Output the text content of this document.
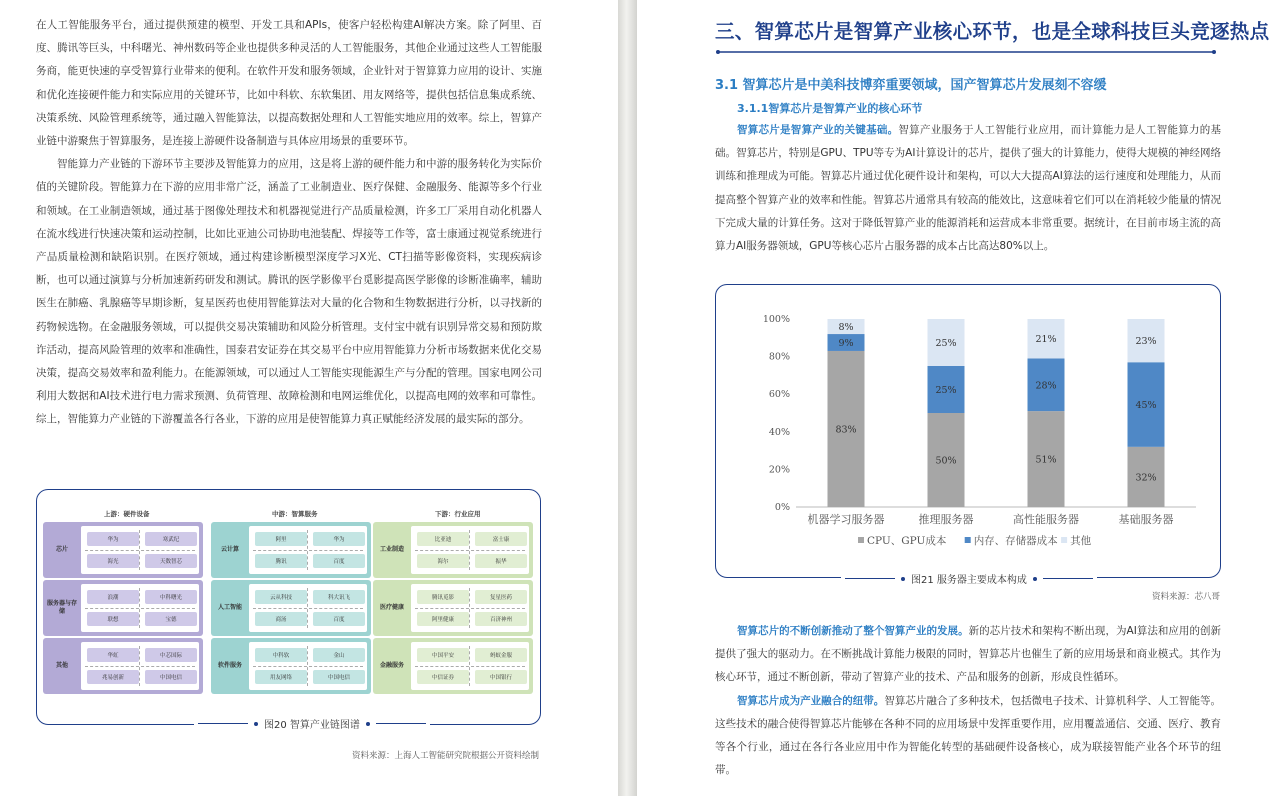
在人工智能服务平台，通过提供预建的模型、开发工具和APIs，使客户轻松构建AI解决方案。除了阿里、百度、腾讯等巨头，中科曙光、神州数码等企业也提供多种灵活的人工智能服务，其他企业通过这些人工智能服务商，能更快速的享受智算行业带来的便利。在软件开发和服务领域，企业针对于智算算力应用的设计、实施和优化连接硬件能力和实际应用的关键环节，比如中科软、东软集团、用友网络等，提供包括信息集成系统、决策系统、风险管理系统等，通过融入智能算法，以提高数据处理和人工智能实地应用的效率。综上，智算产业链中游聚焦于智算服务，是连接上游硬件设备制造与具体应用场景的重要环节。

智能算力产业链的下游环节主要涉及智能算力的应用，这是将上游的硬件能力和中游的服务转化为实际价值的关键阶段。智能算力在下游的应用非常广泛，涵盖了工业制造业、医疗保健、金融服务、能源等多个行业和领域。在工业制造领域，通过基于图像处理技术和机器视觉进行产品质量检测，许多工厂采用自动化机器人在流水线进行快速决策和运动控制，比如比亚迪公司协助电池装配、焊接等工作等，富士康通过视觉系统进行产品质量检测和缺陷识别。在医疗领域，通过构建诊断模型深度学习X光、CT扫描等影像资料，实现疾病诊断，也可以通过演算与分析加速新药研发和测试。腾讯的医学影像平台觅影提高医学影像的诊断准确率，辅助医生在肺癌、乳腺癌等早期诊断，复星医药也使用智能算法对大量的化合物和生物数据进行分析，以寻找新的药物候选物。在金融服务领域，可以提供交易决策辅助和风险分析管理。支付宝中就有识别异常交易和预防欺诈活动，提高风险管理的效率和准确性，国泰君安证券在其交易平台中应用智能算力分析市场数据来优化交易决策，提高交易效率和盈利能力。在能源领域，可以通过人工智能实现能源生产与分配的管理。国家电网公司利用大数据和AI技术进行电力需求预测、负荷管理、故障检测和电网运维优化，以提高电网的效率和可靠性。综上，智能算力产业链的下游覆盖各行各业，下游的应用是使智能算力真正赋能经济发展的最实际的部分。

上游：硬件设备	中游：智算服务	下游：行业应用
芯片
华为	寒武纪
海光	天数智芯
服务器与存储
浪潮	中科曙光
联想	宝德
其他
华虹	中芯国际
兆易创新	中国电信
云计算
阿里	华为
腾讯	百度
人工智能
云从科技	科大讯飞
商汤	百度
软件服务
中科软	金山
用友网络	中国电信
工业制造
比亚迪	富士康
海尔	振华
医疗健康
腾讯觅影	复星医药
阿里健康	百济神州
金融服务
中国平安	蚂蚁金服
中信证券	中国银行
图20 智算产业链图谱
资料来源：上海人工智能研究院根据公开资料绘制
三、智算芯片是智算产业核心环节，也是全球科技巨头竞逐热点
3.1 智算芯片是中美科技博弈重要领域，国产智算芯片发展刻不容缓
3.1.1智算芯片是智算产业的核心环节

智算芯片是智算产业的关键基础。智算产业服务于人工智能行业应用，而计算能力是人工智能算力的基础。智算芯片，特别是GPU、TPU等专为AI计算设计的芯片，提供了强大的计算能力，使得大规模的神经网络训练和推理成为可能。智算芯片通过优化硬件设计和架构，可以大大提高AI算法的运行速度和处理能力，从而提高整个智算产业的效率和性能。智算芯片通常具有较高的能效比，这意味着它们可以在消耗较少能量的情况下完成大量的计算任务。这对于降低智算产业的能源消耗和运营成本非常重要。据统计，在目前市场主流的高算力AI服务器领域，GPU等核心芯片占服务器的成本占比高达80%以上。

0%
20%
40%
60%
80%
100%
83%
9%
8%
机器学习服务器
50%
25%
25%
推理服务器
51%
28%
21%
高性能服务器
32%
45%
23%
基础服务器
CPU、GPU成本	内存、存储器成本 其他
图21 服务器主要成本构成
资料来源：芯八哥

智算芯片的不断创新推动了整个智算产业的发展。新的芯片技术和架构不断出现，为AI算法和应用的创新提供了强大的驱动力。在不断挑战计算能力极限的同时，智算芯片也催生了新的应用场景和商业模式。其作为核心环节，通过不断创新，带动了智算产业的技术、产品和服务的创新，形成良性循环。

智算芯片成为产业融合的纽带。智算芯片融合了多种技术，包括微电子技术、计算机科学、人工智能等。这些技术的融合使得智算芯片能够在各种不同的应用场景中发挥重要作用，应用覆盖通信、交通、医疗、教育等各个行业，通过在各行各业应用中作为智能化转型的基础硬件设备核心，成为联接智能产业各个环节的纽带。
